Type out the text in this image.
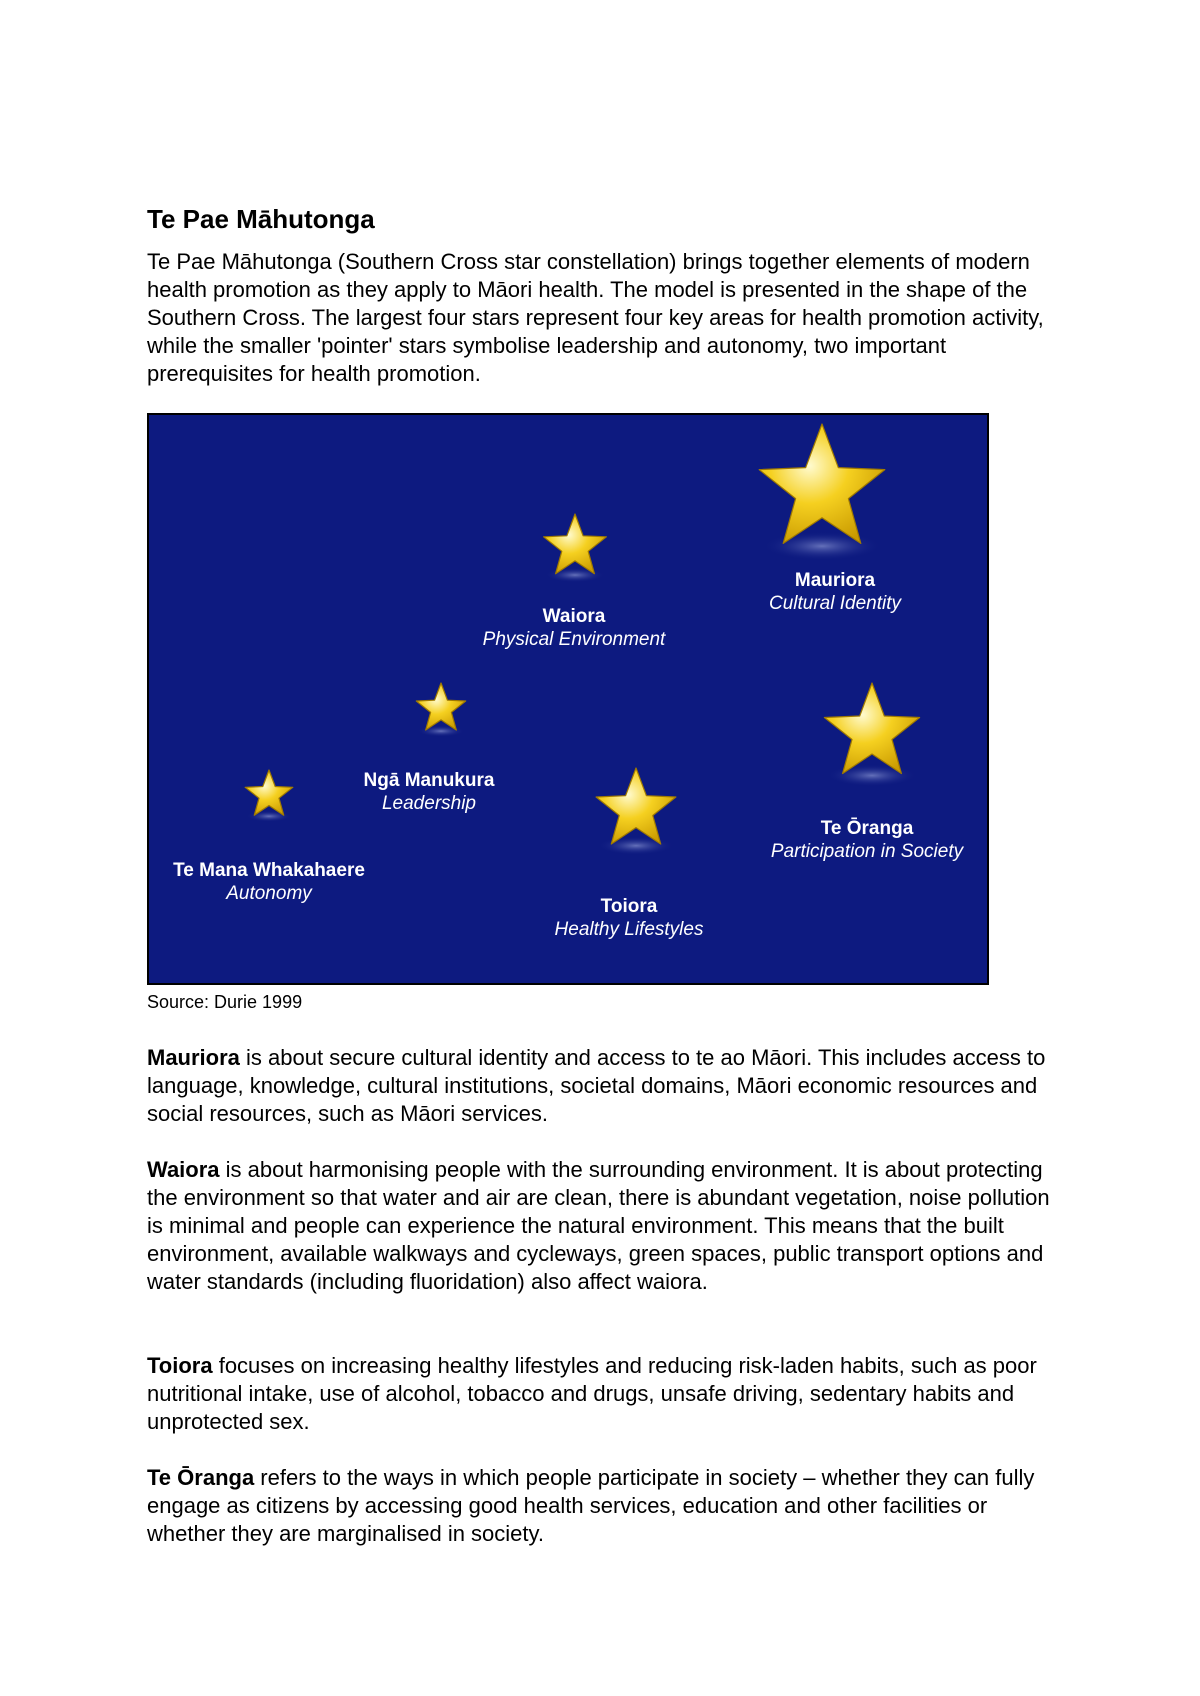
Te Pae Māhutonga

Te Pae Māhutonga (Southern Cross star constellation) brings together elements of modern health promotion as they apply to Māori health. The model is presented in the shape of the Southern Cross. The largest four stars represent four key areas for health promotion activity, while the smaller 'pointer' stars symbolise leadership and autonomy, two important prerequisites for health promotion.

Mauriora
Cultural Identity
Waiora
Physical Environment
Ngā Manukura
Leadership
Te Ōranga
Participation in Society
Te Mana Whakahaere
Autonomy
Toiora
Healthy Lifestyles

Source: Durie 1999

Mauriora is about secure cultural identity and access to te ao Māori. This includes access to language, knowledge, cultural institutions, societal domains, Māori economic resources and social resources, such as Māori services.

Waiora is about harmonising people with the surrounding environment. It is about protecting the environment so that water and air are clean, there is abundant vegetation, noise pollution is minimal and people can experience the natural environment. This means that the built environment, available walkways and cycleways, green spaces, public transport options and water standards (including fluoridation) also affect waiora.

Toiora focuses on increasing healthy lifestyles and reducing risk-laden habits, such as poor nutritional intake, use of alcohol, tobacco and drugs, unsafe driving, sedentary habits and unprotected sex.

Te Ōranga refers to the ways in which people participate in society – whether they can fully engage as citizens by accessing good health services, education and other facilities or whether they are marginalised in society.
